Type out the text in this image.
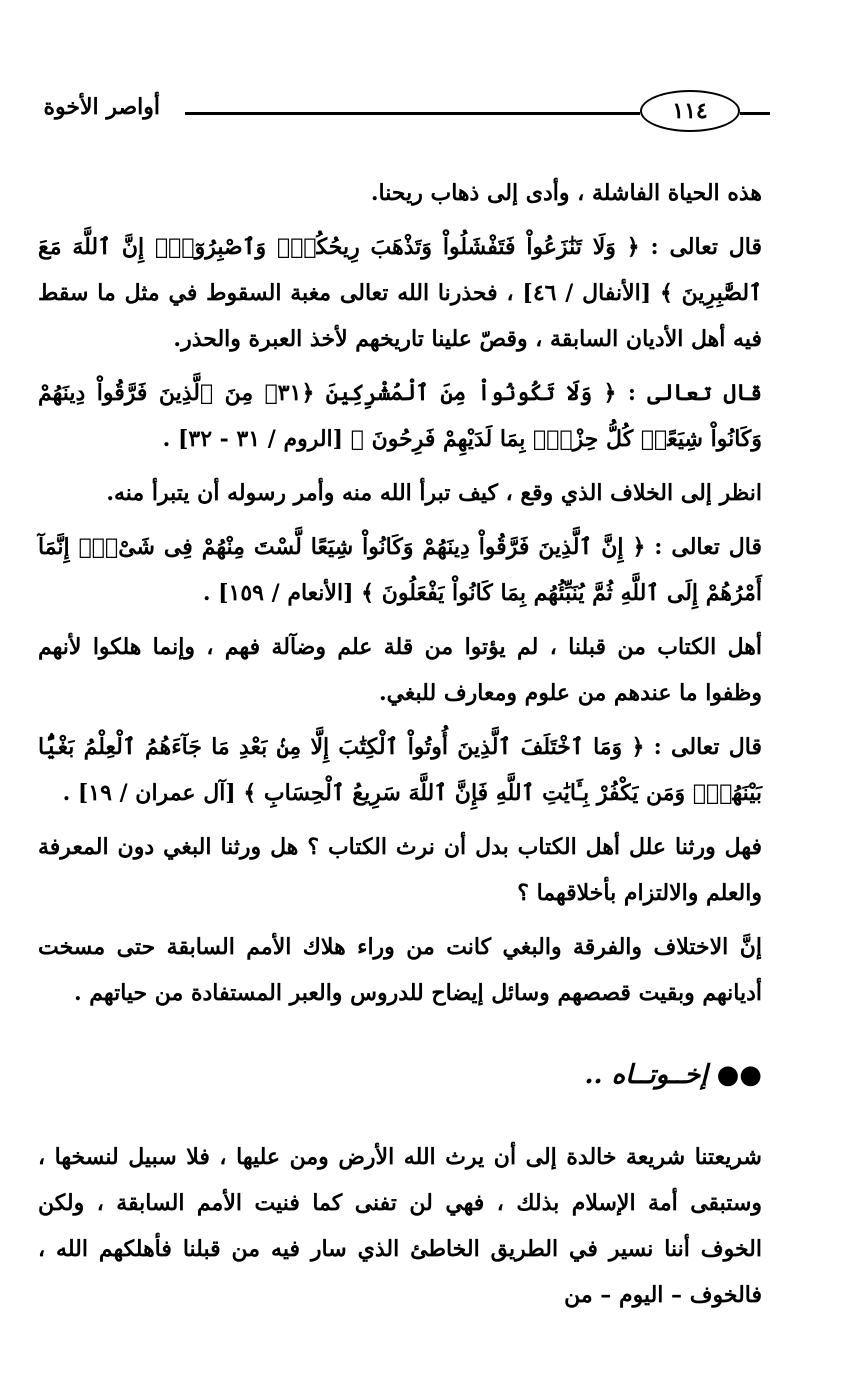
١١٤
أواصر الأخوة

هذه الحياة الفاشلة ، وأدى إلى ذهاب ريحنا.

قال تعالى : ﴿ وَلَا تَنَٰزَعُواْ فَتَفْشَلُواْ وَتَذْهَبَ رِيحُكُمْۖ وَٱصْبِرُوٓاْۚ إِنَّ ٱللَّهَ مَعَ ٱلصَّٰبِرِينَ ﴾ [الأنفال / ٤٦] ، فحذرنا الله تعالى مغبة السقوط في مثل ما سقط فيه أهل الأديان السابقة ، وقصّ علينا تاريخهم لأخذ العبرة والحذر.

قال تعالى : ﴿ وَلَا تَكُونُواْ مِنَ ٱلْمُشْرِكِينَ ﴿٣١﴾ مِنَ ٱلَّذِينَ فَرَّقُواْ دِينَهُمْ وَكَانُواْ شِيَعًاۖ كُلُّ حِزْبِۭ بِمَا لَدَيْهِمْ فَرِحُونَ ﴾ [الروم / ٣١ - ٣٢] .

انظر إلى الخلاف الذي وقع ، كيف تبرأ الله منه وأمر رسوله أن يتبرأ منه.

قال تعالى : ﴿ إِنَّ ٱلَّذِينَ فَرَّقُواْ دِينَهُمْ وَكَانُواْ شِيَعًا لَّسْتَ مِنْهُمْ فِى شَىْءٍۚ إِنَّمَآ أَمْرُهُمْ إِلَى ٱللَّهِ ثُمَّ يُنَبِّئُهُم بِمَا كَانُواْ يَفْعَلُونَ ﴾ [الأنعام / ١٥٩] .

أهل الكتاب من قبلنا ، لم يؤتوا من قلة علم وضآلة فهم ، وإنما هلكوا لأنهم وظفوا ما عندهم من علوم ومعارف للبغي.

قال تعالى : ﴿ وَمَا ٱخْتَلَفَ ٱلَّذِينَ أُوتُواْ ٱلْكِتَٰبَ إِلَّا مِنۢ بَعْدِ مَا جَآءَهُمُ ٱلْعِلْمُ بَغْيًۢا بَيْنَهُمْۗ وَمَن يَكْفُرْ بِـَٔايَٰتِ ٱللَّهِ فَإِنَّ ٱللَّهَ سَرِيعُ ٱلْحِسَابِ ﴾ [آل عمران / ١٩] .

فهل ورثنا علل أهل الكتاب بدل أن نرث الكتاب ؟ هل ورثنا البغي دون المعرفة والعلم والالتزام بأخلاقهما ؟

إنَّ الاختلاف والفرقة والبغي كانت من وراء هلاك الأمم السابقة حتى مسخت أديانهم وبقيت قصصهم وسائل إيضاح للدروس والعبر المستفادة من حياتهم .

●● إخــوتــاه ..

شريعتنا شريعة خالدة إلى أن يرث الله الأرض ومن عليها ، فلا سبيل لنسخها ، وستبقى أمة الإسلام بذلك ، فهي لن تفنى كما فنيت الأمم السابقة ، ولكن الخوف أننا نسير في الطريق الخاطئ الذي سار فيه من قبلنا فأهلكهم الله ، فالخوف – اليوم – من
